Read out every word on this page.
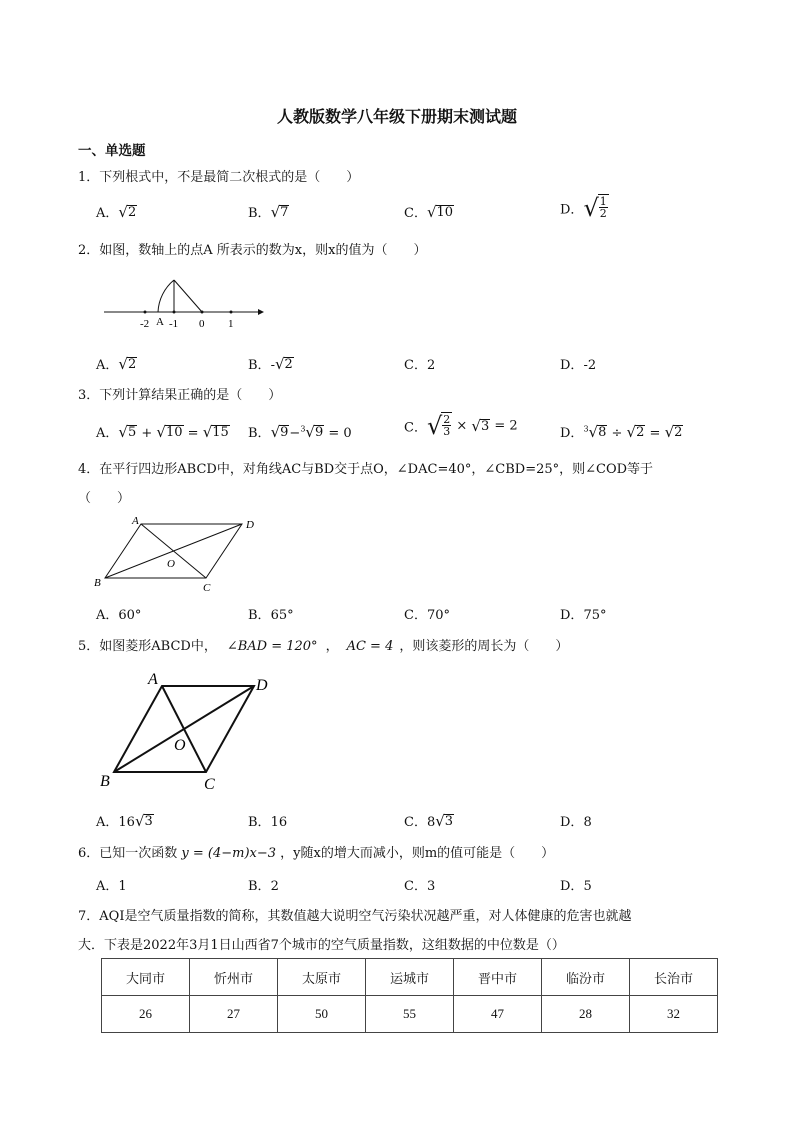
人教版数学八年级下册期末测试题
一、单选题
1．下列根式中，不是最简二次根式的是（　　）
A． √ 2	B． √ 7	C． √ 10	D． √ $\frac{1}{2}$
2．如图，数轴上的点A 所表示的数为x，则x的值为（　　）
-2 A -1 0 1
A． √ 2	B．- √ 2	C．2	D．-2
3．下列计算结果正确的是（　　）
A． √ 5 + √ 10 = √ 15 B． √ 9 −$^3$ √ 9 = 0	C． √ $\frac{2}{3}$ × √ 3 = 2	D．$^3$ √ 8 ÷ √ 2 = √ 2
4．在平行四边形ABCD中，对角线AC与BD交于点O，∠DAC=40°，∠CBD=25°，则∠COD等于
（　　）
A	D
B	C
O
A．60°	B．65°	C．70°	D．75°
5．如图菱形ABCD中， ∠BAD = 120° ， AC = 4 ，则该菱形的周长为（　　）
A	D
B	C
O
A．16 √ 3	B．16	C．8 √ 3	D．8
6．已知一次函数 y = (4−m)x−3 ，y随x的增大而减小，则m的值可能是（　　）
A．1	B．2	C．3	D．5
7．AQI是空气质量指数的简称，其数值越大说明空气污染状况越严重，对人体健康的危害也就越
大．下表是2022年3月1日山西省7个城市的空气质量指数，这组数据的中位数是（）
大同市	忻州市	太原市	运城市	晋中市	临汾市	长治市
26	27	50	55	47	28	32
